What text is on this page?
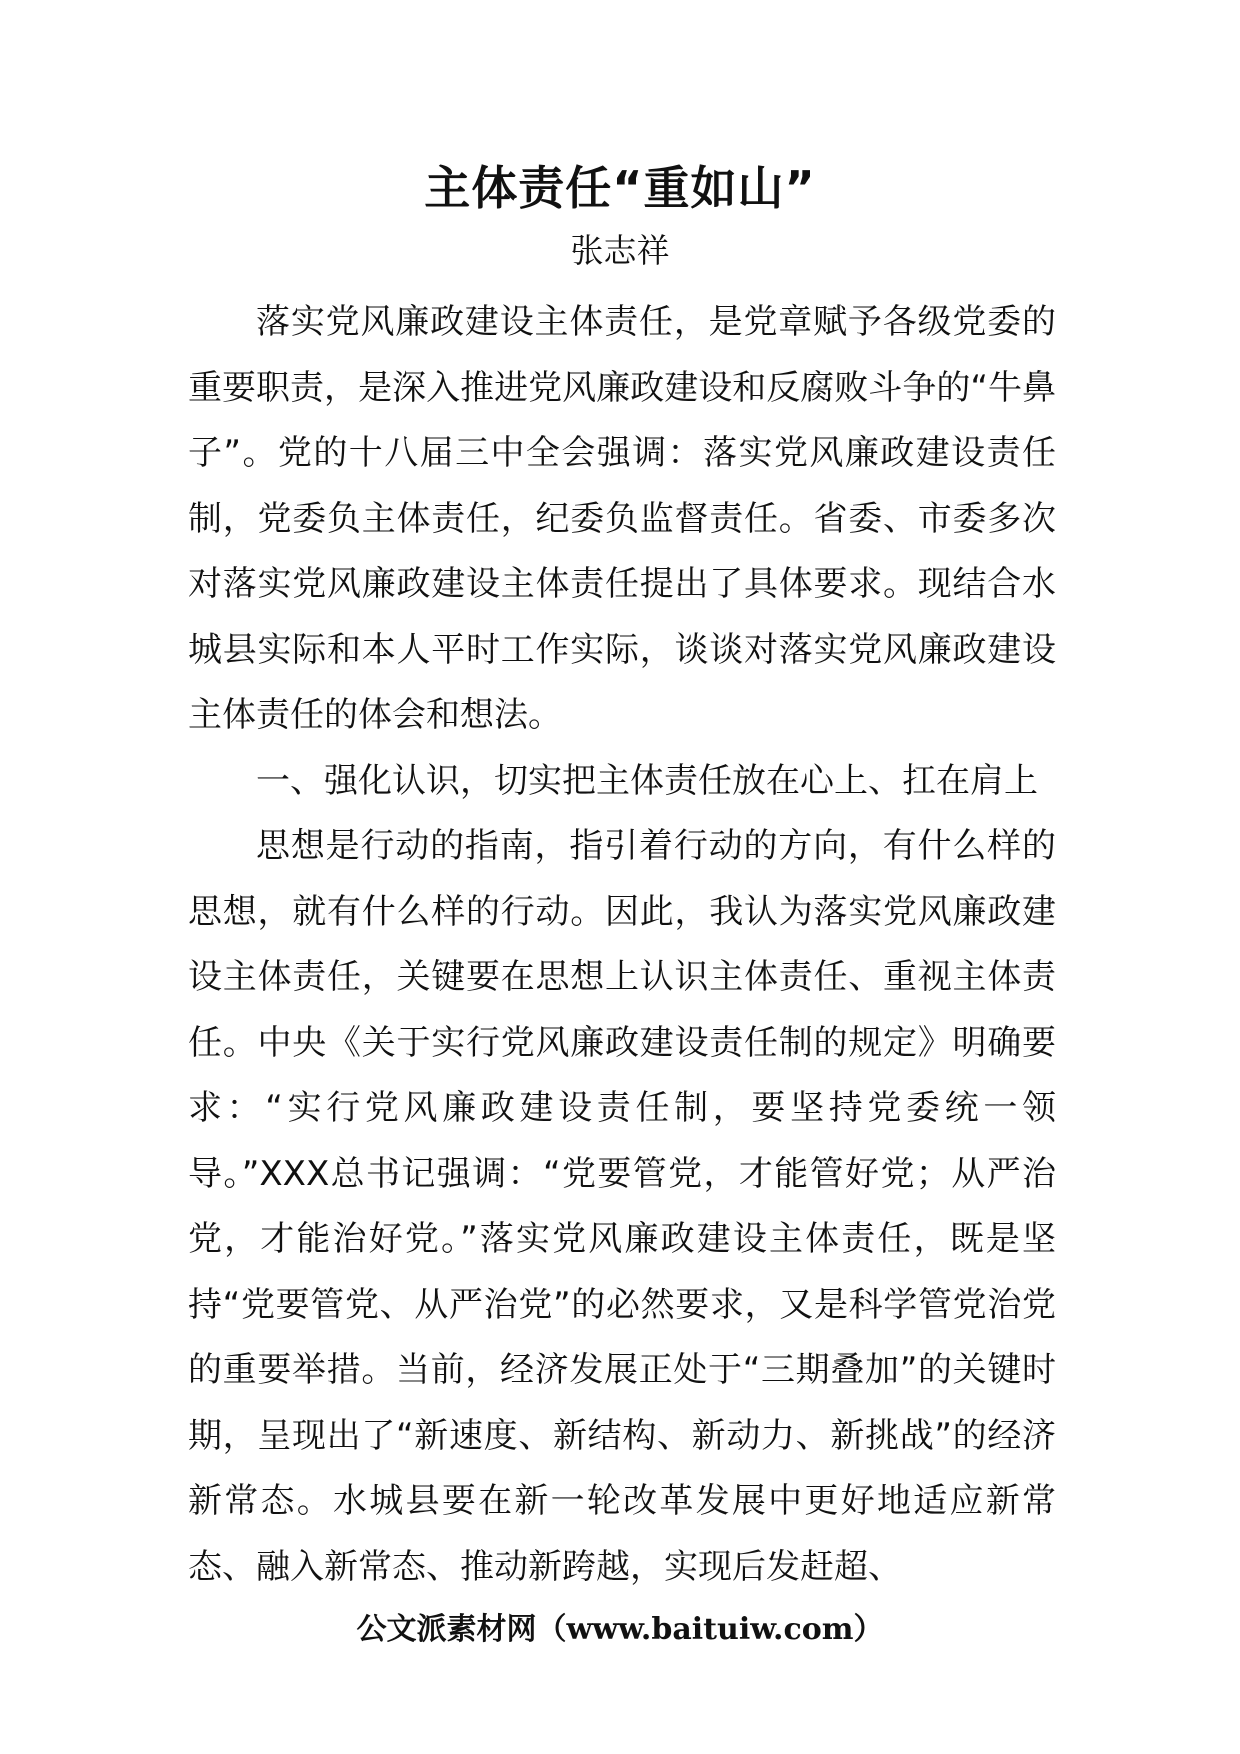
主体责任“重如山”
张志祥

落实党风廉政建设主体责任，是党章赋予各级党委的重要职责，是深入推进党风廉政建设和反腐败斗争的“牛鼻子”。党的十八届三中全会强调：落实党风廉政建设责任制，党委负主体责任，纪委负监督责任。省委、市委多次对落实党风廉政建设主体责任提出了具体要求。现结合水城县实际和本人平时工作实际，谈谈对落实党风廉政建设主体责任的体会和想法。

一、强化认识，切实把主体责任放在心上、扛在肩上

思想是行动的指南，指引着行动的方向，有什么样的思想，就有什么样的行动。因此，我认为落实党风廉政建设主体责任，关键要在思想上认识主体责任、重视主体责任。中央《关于实行党风廉政建设责任制的规定》明确要求：“实行党风廉政建设责任制，要坚持党委统一领导。”XXX总书记强调：“党要管党，才能管好党；从严治党，才能治好党。”落实党风廉政建设主体责任，既是坚持“党要管党、从严治党”的必然要求，又是科学管党治党的重要举措。当前，经济发展正处于“三期叠加”的关键时期，呈现出了“新速度、新结构、新动力、新挑战”的经济新常态。水城县要在新一轮改革发展中更好地适应新常态、融入新常态、推动新跨越，实现后发赶超、

公文派素材网（www.baituiw.com）
